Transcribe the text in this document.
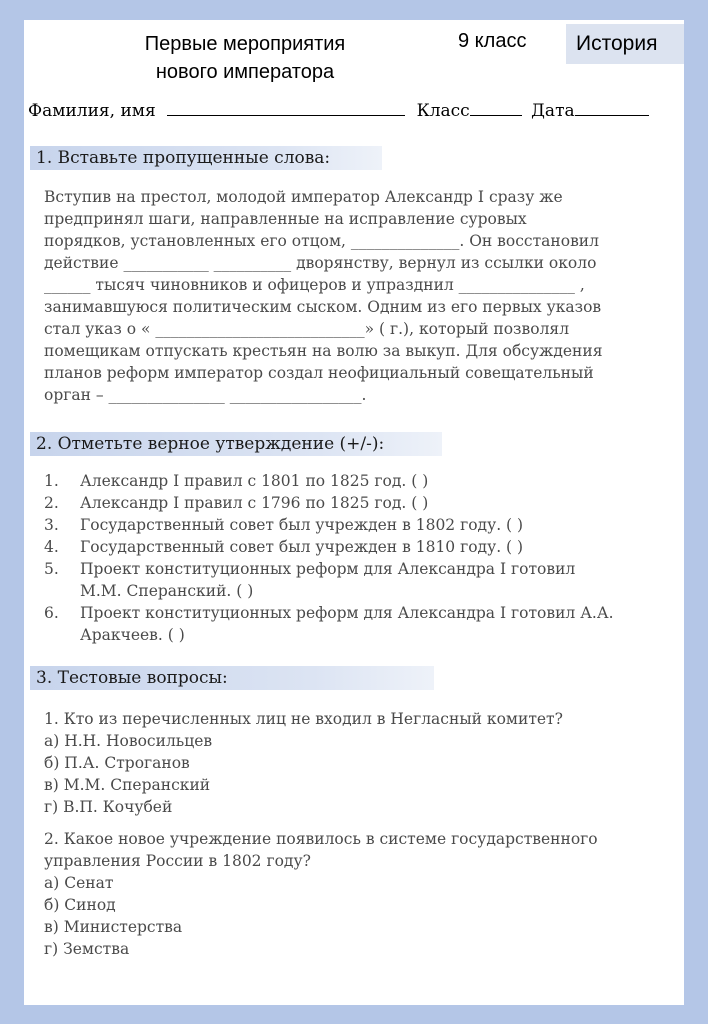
Первые мероприятия
нового императора
9 класс	История
Фамилия, имя	Класс	Дата
1. Вставьте пропущенные слова:
Вступив на престол, молодой император Александр I сразу же
предпринял шаги, направленные на исправление суровых
порядков, установленных его отцом, ______________. Он восстановил
действие ___________ __________ дворянству, вернул из ссылки около
______ тысяч чиновников и офицеров и упразднил _______________ ,
занимавшуюся политическим сыском. Одним из его первых указов
стал указ о « ___________________________» ( г.), который позволял
помещикам отпускать крестьян на волю за выкуп. Для обсуждения
планов реформ император создал неофициальный совещательный
орган – _______________ _________________.
2. Отметьте верное утверждение (+/-):
1.	Александр I правил с 1801 по 1825 год. ( )
2.	Александр I правил с 1796 по 1825 год. ( )
3.	Государственный совет был учрежден в 1802 году. ( )
4.	Государственный совет был учрежден в 1810 году. ( )
5.	Проект конституционных реформ для Александра I готовил
М.М. Сперанский. ( )
6.	Проект конституционных реформ для Александра I готовил А.А.
Аракчеев. ( )
3. Тестовые вопросы:

1. Кто из перечисленных лиц не входил в Негласный комитет?

а) Н.Н. Новосильцев

б) П.А. Строганов

в) М.М. Сперанский

г) В.П. Кочубей

2. Какое новое учреждение появилось в системе государственного

управления России в 1802 году?

а) Сенат

б) Синод

в) Министерства

г) Земства
